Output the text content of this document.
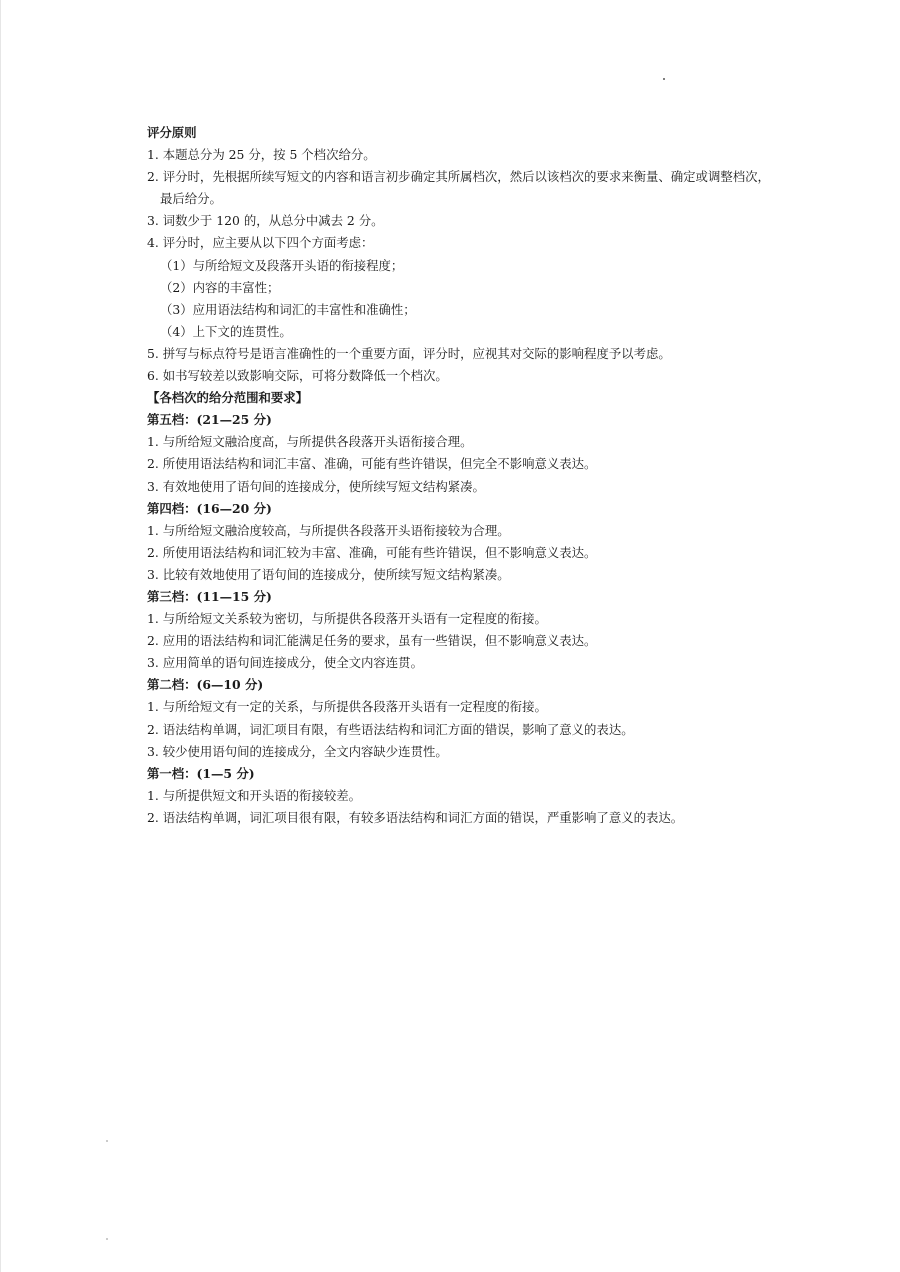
评分原则
1. 本题总分为 25 分，按 5 个档次给分。
2. 评分时，先根据所续写短文的内容和语言初步确定其所属档次，然后以该档次的要求来衡量、确定或调整档次，
最后给分。
3. 词数少于 120 的，从总分中减去 2 分。
4. 评分时，应主要从以下四个方面考虑：
（1）与所给短文及段落开头语的衔接程度；
（2）内容的丰富性；
（3）应用语法结构和词汇的丰富性和准确性；
（4）上下文的连贯性。
5. 拼写与标点符号是语言准确性的一个重要方面，评分时，应视其对交际的影响程度予以考虑。
6. 如书写较差以致影响交际，可将分数降低一个档次。
【各档次的给分范围和要求】
第五档：(21—25 分)
1. 与所给短文融洽度高，与所提供各段落开头语衔接合理。
2. 所使用语法结构和词汇丰富、准确，可能有些许错误，但完全不影响意义表达。
3. 有效地使用了语句间的连接成分，使所续写短文结构紧凑。
第四档：(16—20 分)
1. 与所给短文融洽度较高，与所提供各段落开头语衔接较为合理。
2. 所使用语法结构和词汇较为丰富、准确，可能有些许错误，但不影响意义表达。
3. 比较有效地使用了语句间的连接成分，使所续写短文结构紧凑。
第三档：(11—15 分)
1. 与所给短文关系较为密切，与所提供各段落开头语有一定程度的衔接。
2. 应用的语法结构和词汇能满足任务的要求，虽有一些错误，但不影响意义表达。
3. 应用简单的语句间连接成分，使全文内容连贯。
第二档：(6—10 分)
1. 与所给短文有一定的关系，与所提供各段落开头语有一定程度的衔接。
2. 语法结构单调，词汇项目有限，有些语法结构和词汇方面的错误，影响了意义的表达。
3. 较少使用语句间的连接成分，全文内容缺少连贯性。
第一档：(1—5 分)
1. 与所提供短文和开头语的衔接较差。
2. 语法结构单调，词汇项目很有限，有较多语法结构和词汇方面的错误，严重影响了意义的表达。
